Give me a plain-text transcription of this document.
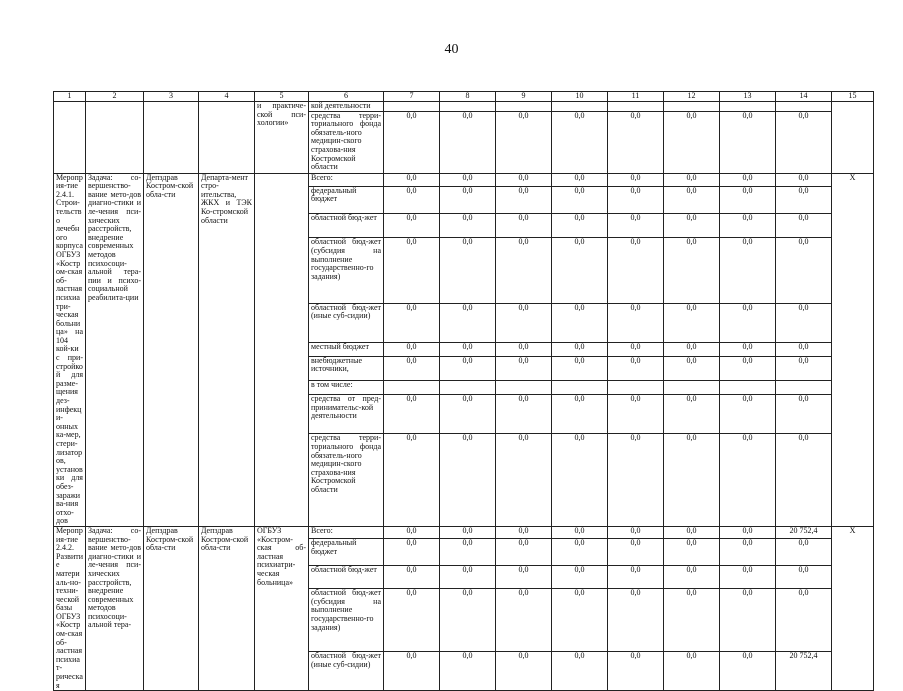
40
1	2	3	4	5	6	7	8	9	10	11	12	13	14	15
				и практиче-ской пси-хологии»	кой деятельности									
					средства терри-ториального фонда обязатель-ного медицин-ского страхова-ния Костромской области	0,0	0,0	0,0	0,0	0,0	0,0	0,0	0,0	
Мероприя-тие 2.4.1. Строи-тельство лечебного корпуса ОГБУЗ «Костром-ская об-ластная психиатри-ческая больница» на 104 кой-ки с при-стройкой для разме-щения дез-инфекци-онных ка-мер, стери-лизаторов, установки для обез-заражива-ния отхо-дов	Задача: со-вершенство-вание мето-дов диагно-стики и ле-чения пси-хических расстройств, внедрение современных методов психосоци-альной тера-пии и психо-социальной реабилита-ции	Депздрав Костром-ской обла-сти	Департа-мент стро-ительства, ЖКХ и ТЭК Ко-стромской области		Всего:	0,0	0,0	0,0	0,0	0,0	0,0	0,0	0,0	Х
					федеральный бюджет	0,0	0,0	0,0	0,0	0,0	0,0	0,0	0,0	
					областной бюд-жет	0,0	0,0	0,0	0,0	0,0	0,0	0,0	0,0	
					областной бюд-жет (субсидия на выполнение государственно-го задания)	0,0	0,0	0,0	0,0	0,0	0,0	0,0	0,0	
					областной бюд-жет (иные суб-сидии)	0,0	0,0	0,0	0,0	0,0	0,0	0,0	0,0	
					местный бюджет	0,0	0,0	0,0	0,0	0,0	0,0	0,0	0,0	
					внебюджетные источники,	0,0	0,0	0,0	0,0	0,0	0,0	0,0	0,0	
					в том числе:									
					средства от пред-принимательс-кой деятельности	0,0	0,0	0,0	0,0	0,0	0,0	0,0	0,0	
					средства терри-ториального фонда обязатель-ного медицин-ского страхова-ния Костромской области	0,0	0,0	0,0	0,0	0,0	0,0	0,0	0,0	
Мероприя-тие 2.4.2. Развитие материаль-но-техни-ческой базы ОГБУЗ «Костром-ская об-ластная психиат-рическая	Задача: со-вершенство-вание мето-дов диагно-стики и ле-чения пси-хических расстройств, внедрение современных методов психосоци-альной тера-	Депздрав Костром-ской обла-сти	Депздрав Костром-ской обла-сти	ОГБУЗ «Костром-ская об-ластная психиатри-ческая больница»	Всего:	0,0	0,0	0,0	0,0	0,0	0,0	0,0	20 752,4	Х
					федеральный бюджет	0,0	0,0	0,0	0,0	0,0	0,0	0,0	0,0	
					областной бюд-жет	0,0	0,0	0,0	0,0	0,0	0,0	0,0	0,0	
					областной бюд-жет (субсидия на выполнение государственно-го задания)	0,0	0,0	0,0	0,0	0,0	0,0	0,0	0,0	
					областной бюд-жет (иные суб-сидии)	0,0	0,0	0,0	0,0	0,0	0,0	0,0	20 752,4	
